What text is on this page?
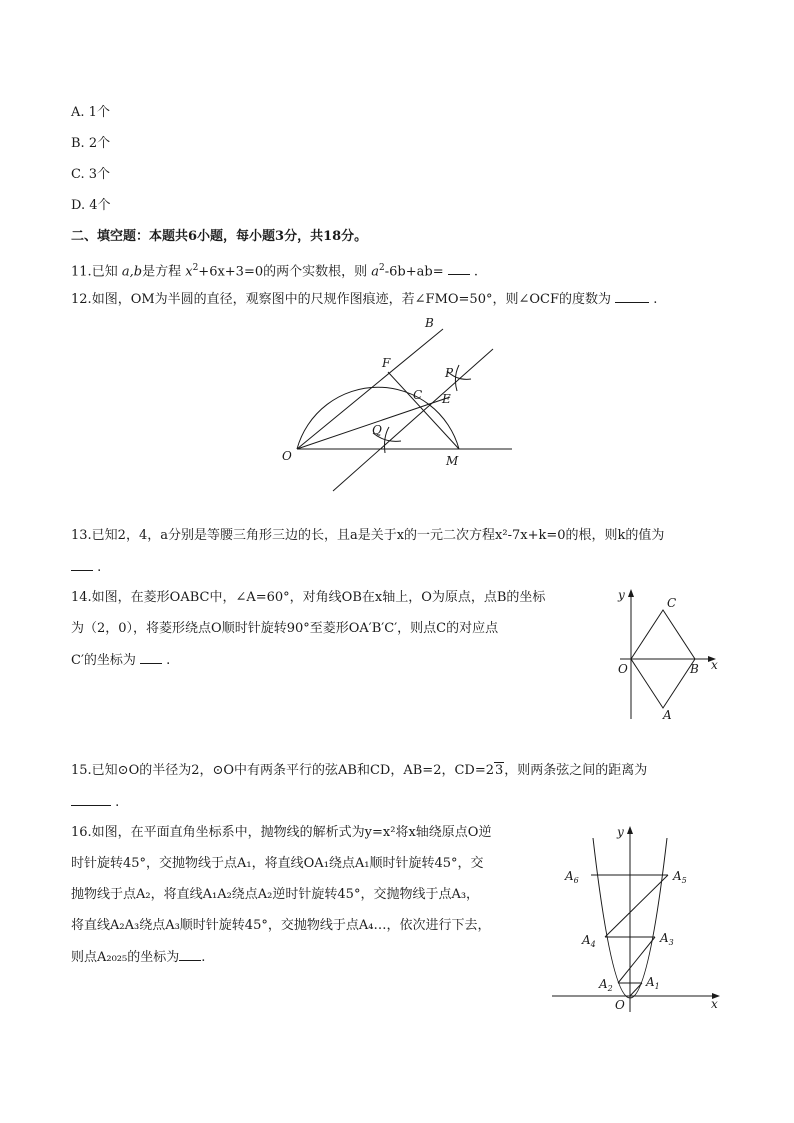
A. 1个
B. 2个
C. 3个
D. 4个
二、填空题：本题共6小题，每小题3分，共18分。
11.已知 a,b是方程 $x^2+6x+3=0$的两个实数根，则 $a^2-6b+ab=$  .
12.如图，OM为半圆的直径，观察图中的尺规作图痕迹，若∠FMO=50°，则∠OCF的度数为	.
B
F
P
C E
Q
O	M
13.已知2，4，a分别是等腰三角形三边的长，且a是关于x的一元二次方程x²-7x+k=0的根，则k的值为
.
14.如图，在菱形OABC中，∠A=60°，对角线OB在x轴上，O为原点，点B的坐标
为（2，0），将菱形绕点O顺时针旋转90°至菱形OA′B′C′，则点C的对应点
C′的坐标为  .
y
C
O	B x
A
15.已知⊙O的半径为2，⊙O中有两条平行的弦AB和CD，AB=2，CD=23，则两条弦之间的距离为
.
16.如图，在平面直角坐标系中，抛物线的解析式为y=x²将x轴绕原点O逆
时针旋转45°，交抛物线于点A₁，将直线OA₁绕点A₁顺时针旋转45°，交
抛物线于点A₂，将直线A₁A₂绕点A₂逆时针旋转45°，交抛物线于点A₃，
将直线A₂A₃绕点A₃顺时针旋转45°，交抛物线于点A₄…，依次进行下去，
则点A₂₀₂₅的坐标为 .
y
$A_6$	$A_5$
$A_4$	$A_3$
$A_2$	$A_1$
O	x
